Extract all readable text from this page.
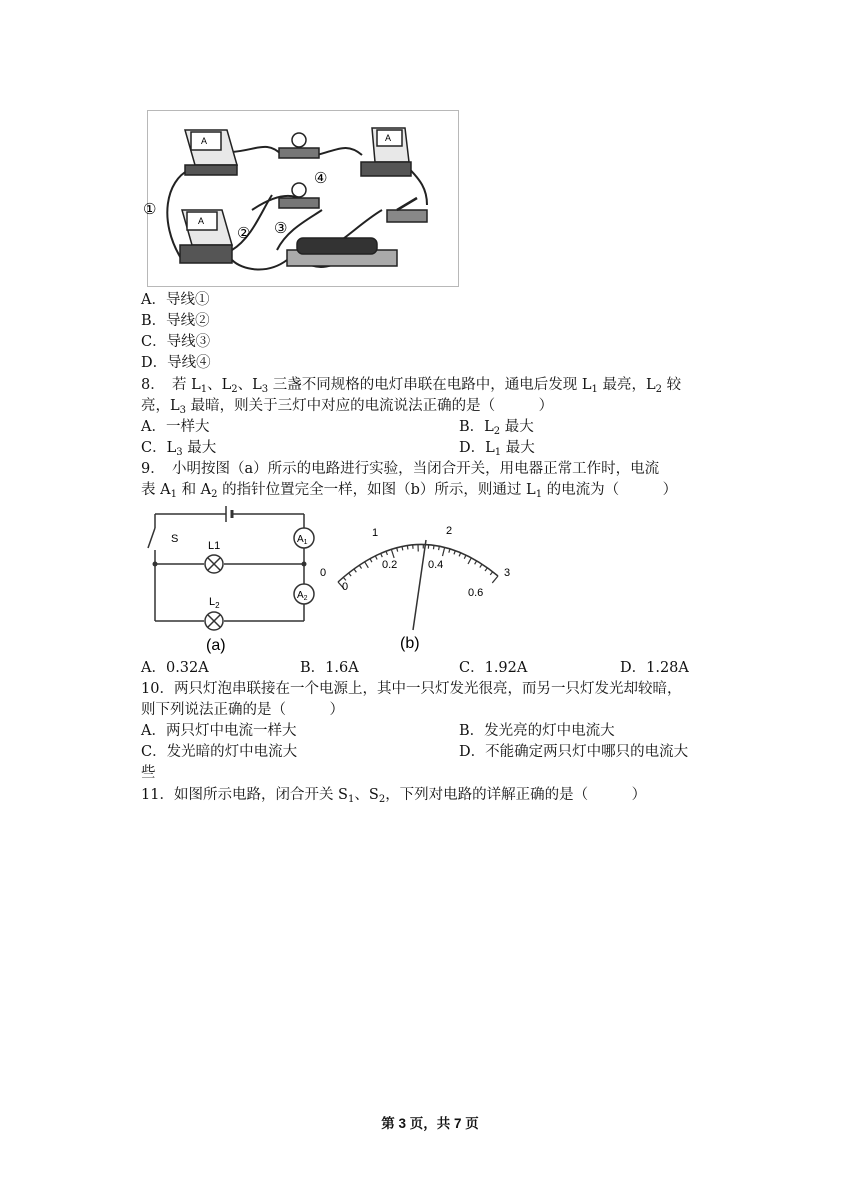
A
A
A
①
② ③
④
A．导线①
B．导线②
C．导线③
D．导线④
8．　若 $L_1$、$L_2$、$L_3$ 三盏不同规格的电灯串联在电路中，通电后发现 $L_1$ 最亮，$L_2$ 较
亮，$L_3$ 最暗，则关于三灯中对应的电流说法正确的是（　　　）
A．一样大	B．$L_2$ 最大
C．$L_3$ 最大	D．$L_1$ 最大
9．　小明按图（a）所示的电路进行实验，当闭合开关，用电器正常工作时，电流
表 $A_1$ 和 $A_2$ 的指针位置完全一样，如图（b）所示，则通过 $L_1$ 的电流为（　　　）
S
L1
$L_2$
$A_1$
$A_2$
(a)
0
1	2
3
0
0.2	0.4
0.6
(b)
A．0.32A	B．1.6A	C．1.92A	D．1.28A
10．两只灯泡串联接在一个电源上，其中一只灯发光很亮，而另一只灯发光却较暗，
则下列说法正确的是（　　　）
A．两只灯中电流一样大	B．发光亮的灯中电流大
C．发光暗的灯中电流大	D．不能确定两只灯中哪只的电流大
些
11．如图所示电路，闭合开关 $S_1$、$S_2$，下列对电路的详解正确的是（　　　）
第 3 页，共 7 页
